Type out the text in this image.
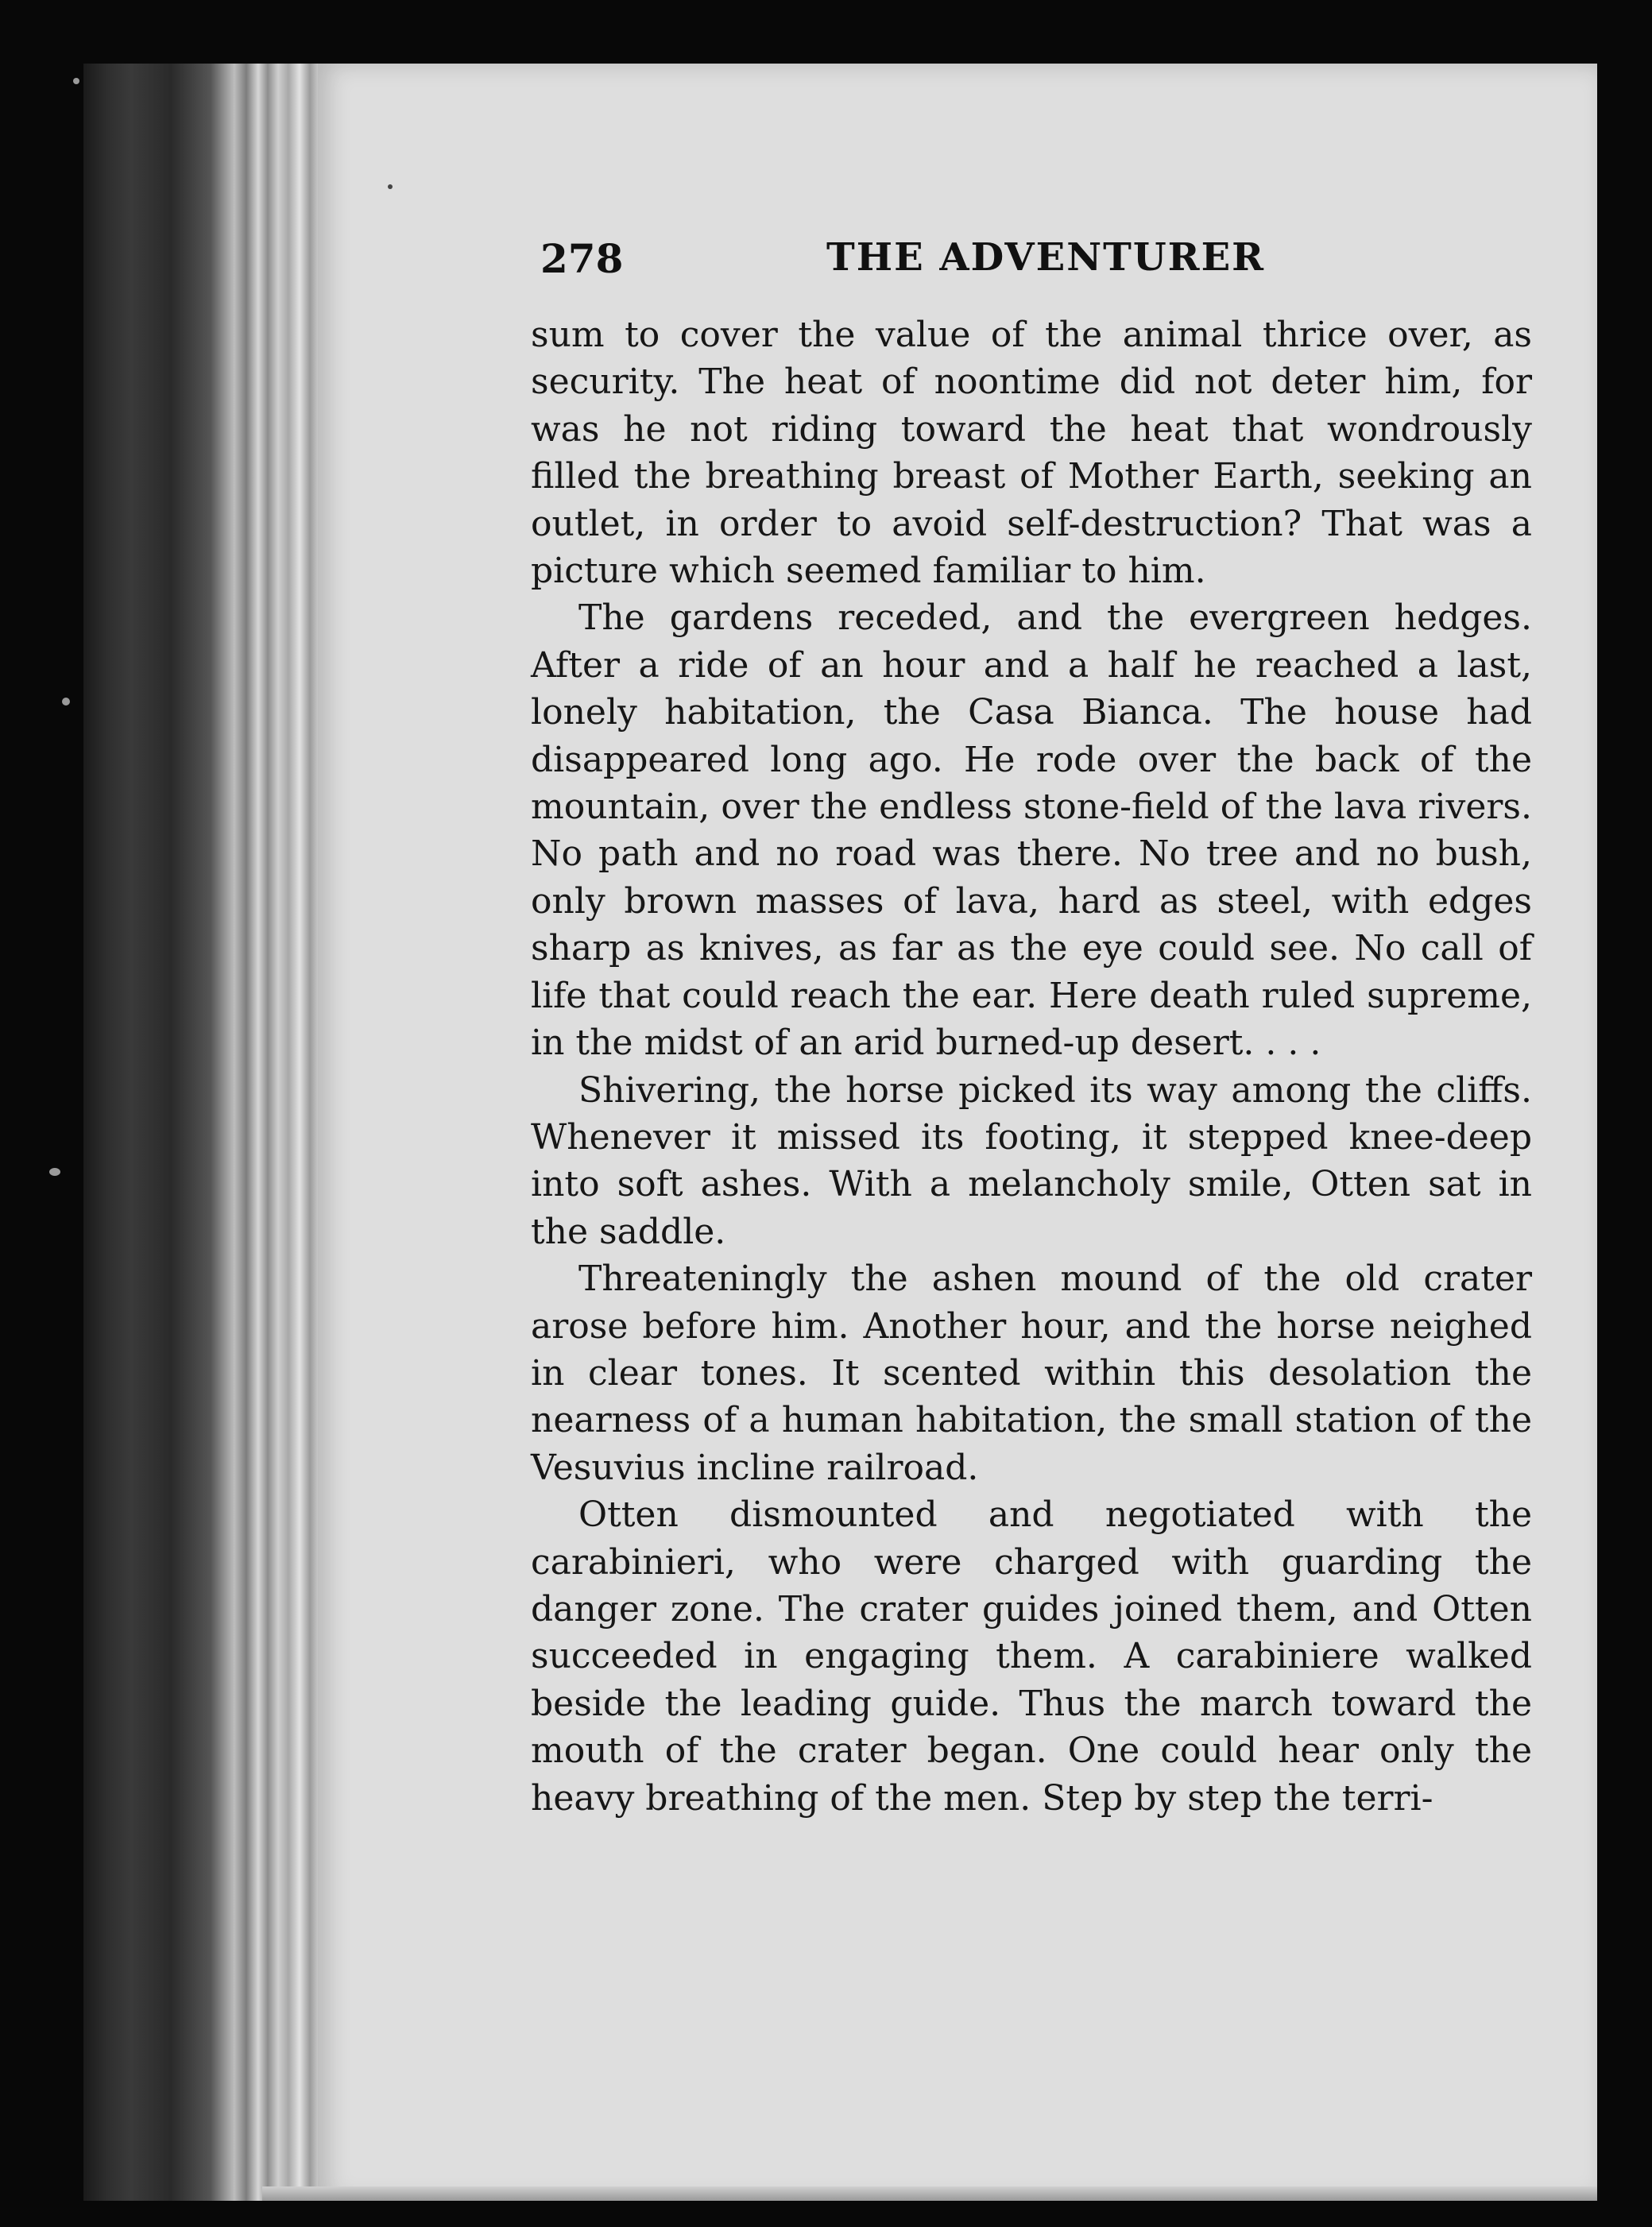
278	THE ADVENTURER

sum to cover the value of the animal thrice over, as security. The heat of noontime did not deter him, for was he not riding toward the heat that wondrously filled the breathing breast of Mother Earth, seeking an outlet, in order to avoid self-destruction? That was a picture which seemed familiar to him.

The gardens receded, and the evergreen hedges. After a ride of an hour and a half he reached a last, lonely habitation, the Casa Bianca. The house had disappeared long ago. He rode over the back of the mountain, over the endless stone-field of the lava rivers. No path and no road was there. No tree and no bush, only brown masses of lava, hard as steel, with edges sharp as knives, as far as the eye could see. No call of life that could reach the ear. Here death ruled supreme, in the midst of an arid burned-up desert. . . .

Shivering, the horse picked its way among the cliffs. Whenever it missed its footing, it stepped knee-deep into soft ashes. With a melancholy smile, Otten sat in the saddle.

Threateningly the ashen mound of the old crater arose before him. Another hour, and the horse neighed in clear tones. It scented within this desolation the nearness of a human habitation, the small station of the Vesuvius incline railroad.

Otten dismounted and negotiated with the carabinieri, who were charged with guarding the danger zone. The crater guides joined them, and Otten succeeded in engaging them. A carabiniere walked beside the leading guide. Thus the march toward the mouth of the crater began. One could hear only the heavy breathing of the men. Step by step the terri-
